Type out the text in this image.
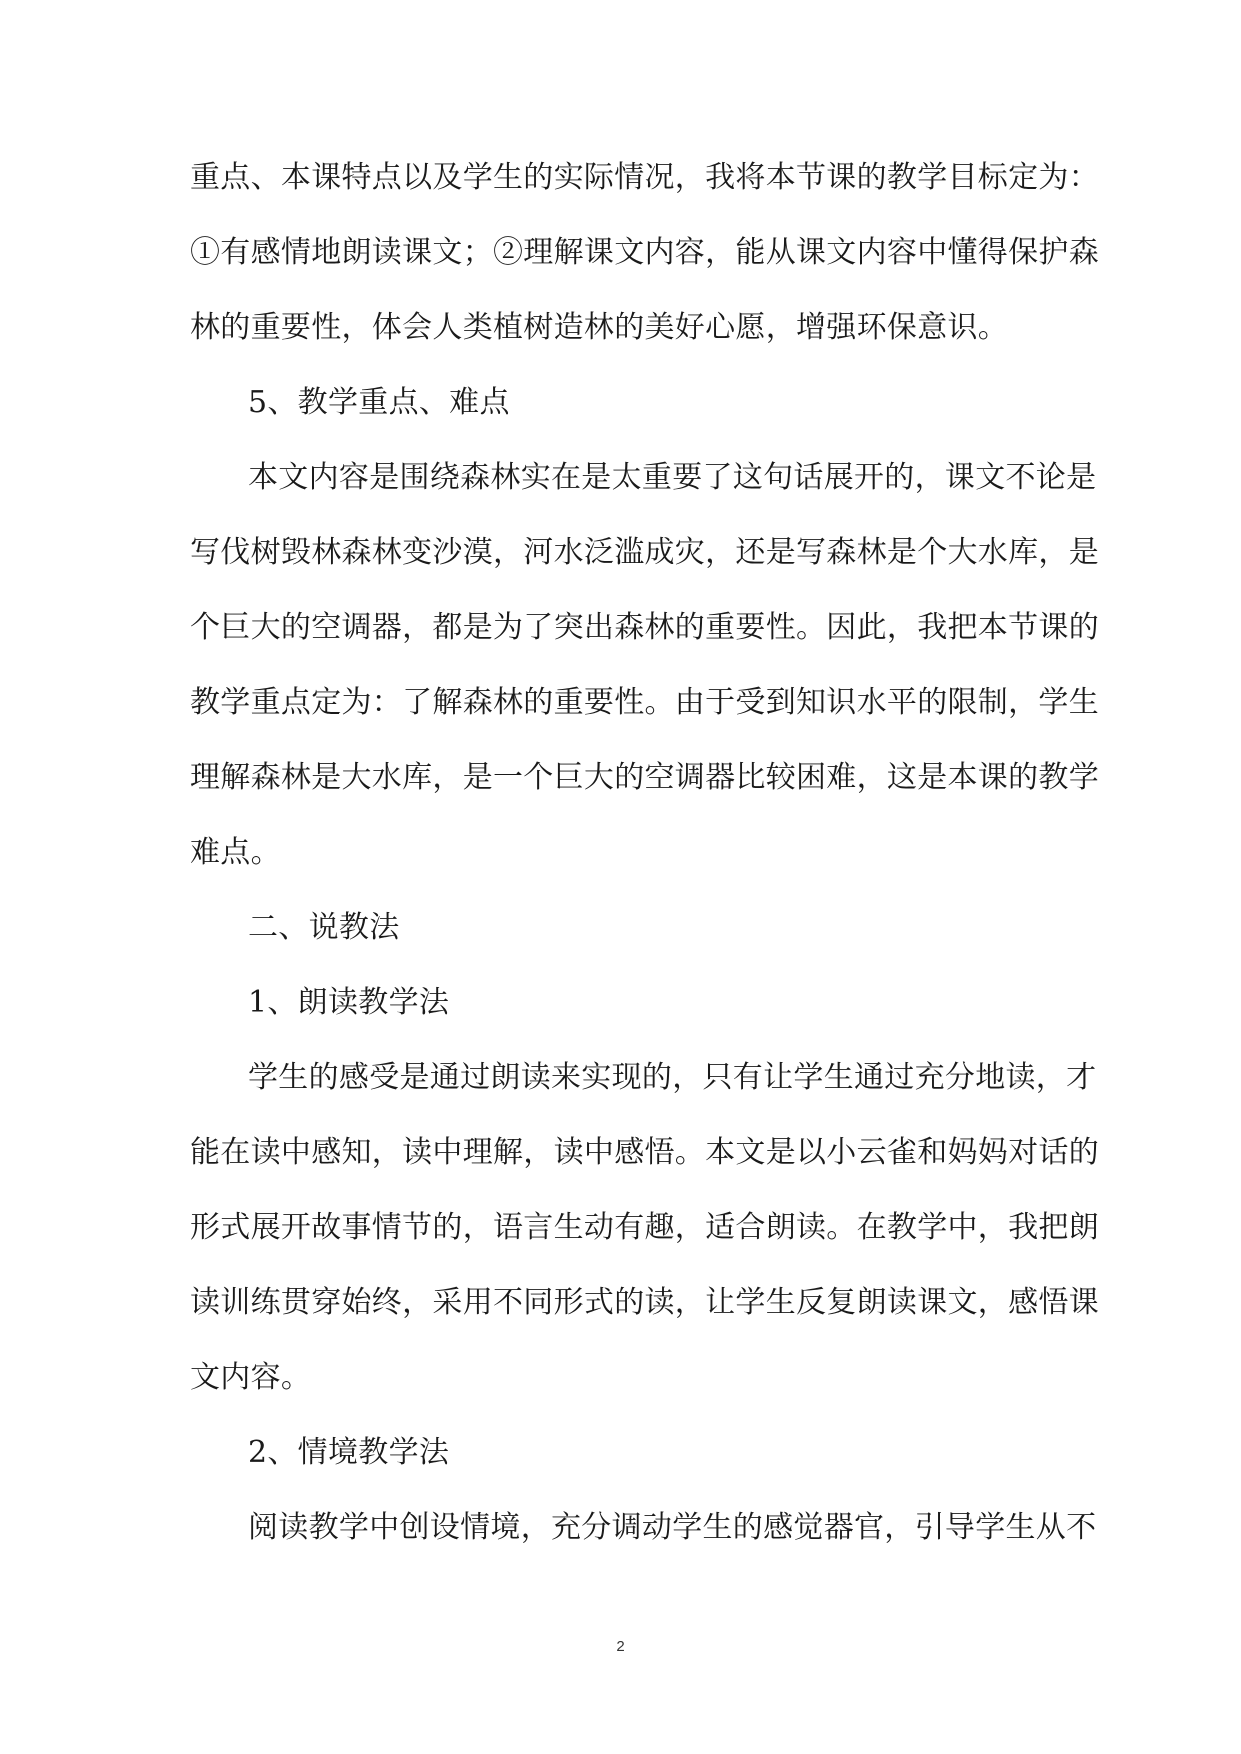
重点、本课特点以及学生的实际情况，我将本节课的教学目标定为：
①有感情地朗读课文；②理解课文内容，能从课文内容中懂得保护森
林的重要性，体会人类植树造林的美好心愿，增强环保意识。
5、教学重点、难点
本文内容是围绕森林实在是太重要了这句话展开的，课文不论是
写伐树毁林森林变沙漠，河水泛滥成灾，还是写森林是个大水库，是
个巨大的空调器，都是为了突出森林的重要性。因此，我把本节课的
教学重点定为：了解森林的重要性。由于受到知识水平的限制，学生
理解森林是大水库，是一个巨大的空调器比较困难，这是本课的教学
难点。
二、说教法
1、朗读教学法
学生的感受是通过朗读来实现的，只有让学生通过充分地读，才
能在读中感知，读中理解，读中感悟。本文是以小云雀和妈妈对话的
形式展开故事情节的，语言生动有趣，适合朗读。在教学中，我把朗
读训练贯穿始终，采用不同形式的读，让学生反复朗读课文，感悟课
文内容。
2、情境教学法
阅读教学中创设情境，充分调动学生的感觉器官，引导学生从不
2
